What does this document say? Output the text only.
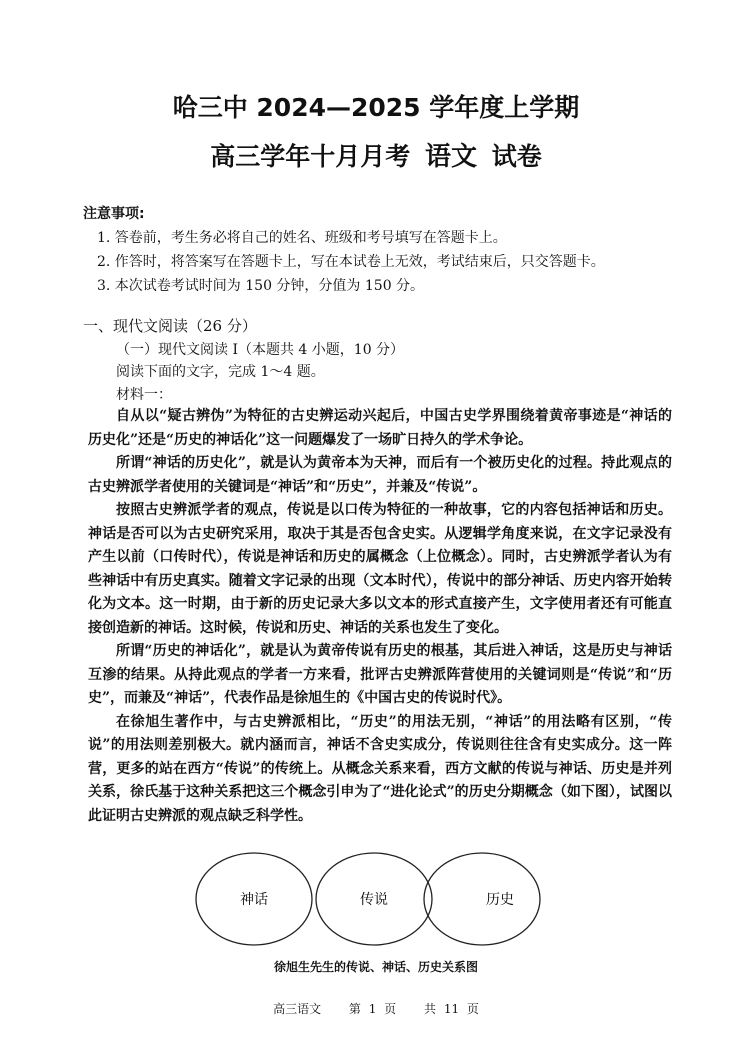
哈三中 2024—2025 学年度上学期
高三学年十月月考 语文 试卷
注意事项:
1. 答卷前，考生务必将自己的姓名、班级和考号填写在答题卡上。
2. 作答时，将答案写在答题卡上，写在本试卷上无效，考试结束后，只交答题卡。
3. 本次试卷考试时间为 150 分钟，分值为 150 分。
一、现代文阅读（26 分）
（一）现代文阅读 I（本题共 4 小题，10 分）
阅读下面的文字，完成 1～4 题。
材料一：

自从以“疑古辨伪”为特征的古史辨运动兴起后，中国古史学界围绕着黄帝事迹是“神话的历史化”还是“历史的神话化”这一问题爆发了一场旷日持久的学术争论。

所谓“神话的历史化”，就是认为黄帝本为天神，而后有一个被历史化的过程。持此观点的古史辨派学者使用的关键词是“神话”和“历史”，并兼及“传说”。

按照古史辨派学者的观点，传说是以口传为特征的一种故事，它的内容包括神话和历史。神话是否可以为古史研究采用，取决于其是否包含史实。从逻辑学角度来说，在文字记录没有产生以前（口传时代），传说是神话和历史的属概念（上位概念）。同时，古史辨派学者认为有些神话中有历史真实。随着文字记录的出现（文本时代），传说中的部分神话、历史内容开始转化为文本。这一时期，由于新的历史记录大多以文本的形式直接产生，文字使用者还有可能直接创造新的神话。这时候，传说和历史、神话的关系也发生了变化。

所谓“历史的神话化”，就是认为黄帝传说有历史的根基，其后进入神话，这是历史与神话互渗的结果。从持此观点的学者一方来看，批评古史辨派阵营使用的关键词则是“传说”和“历史”，而兼及“神话”，代表作品是徐旭生的《中国古史的传说时代》。

在徐旭生著作中，与古史辨派相比，“历史”的用法无别，“神话”的用法略有区别，“传说”的用法则差别极大。就内涵而言，神话不含史实成分，传说则往往含有史实成分。这一阵营，更多的站在西方“传说”的传统上。从概念关系来看，西方文献的传说与神话、历史是并列关系，徐氏基于这种关系把这三个概念引申为了“进化论式”的历史分期概念（如下图），试图以此证明古史辨派的观点缺乏科学性。

神话	传说	历史
徐旭生先生的传说、神话、历史关系图
高三语文 第 1 页 共 11 页
